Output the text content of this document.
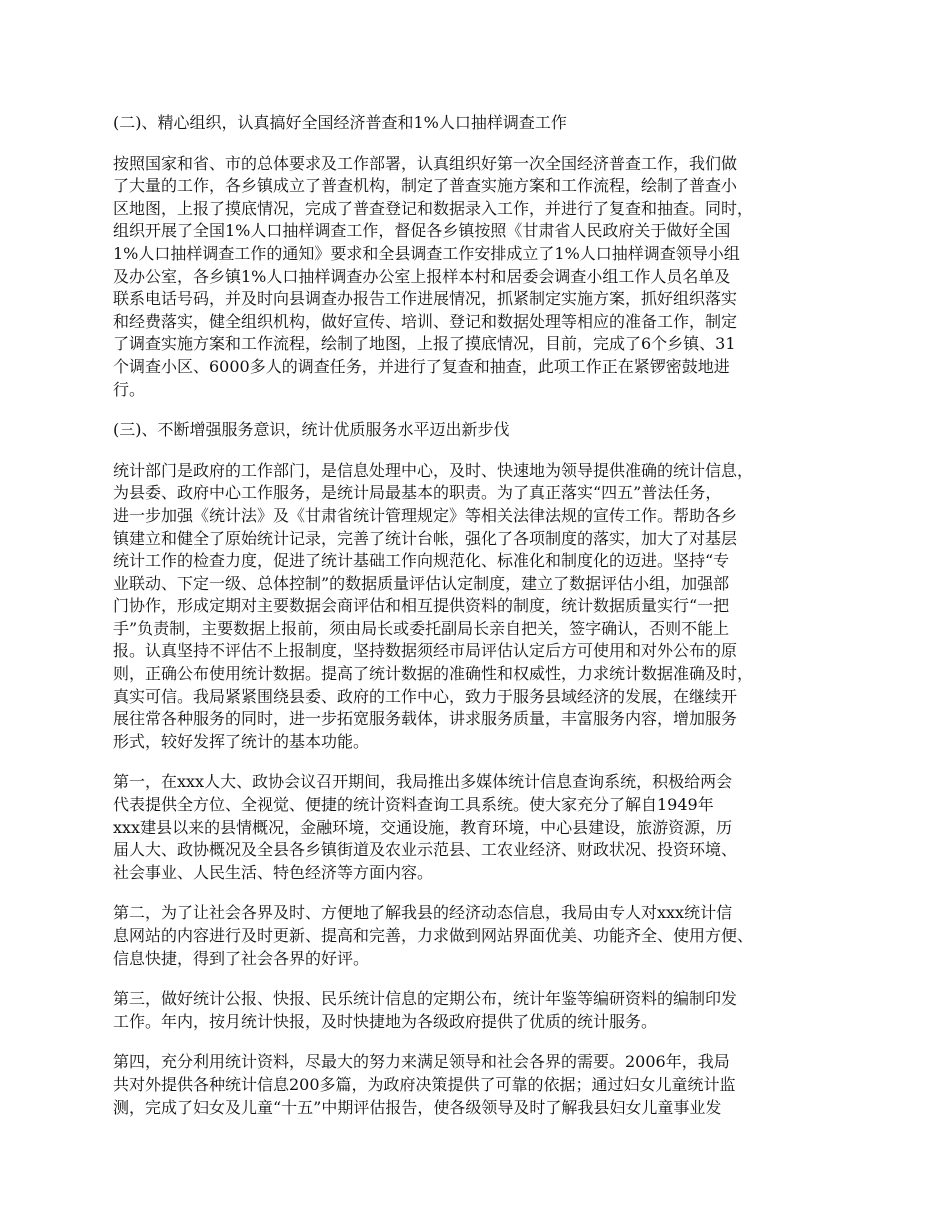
(二)、精心组织，认真搞好全国经济普查和1%人口抽样调查工作
按照国家和省、市的总体要求及工作部署，认真组织好第一次全国经济普查工作，我们做
了大量的工作，各乡镇成立了普查机构，制定了普查实施方案和工作流程，绘制了普查小
区地图，上报了摸底情况，完成了普查登记和数据录入工作，并进行了复查和抽查。同时，
组织开展了全国1%人口抽样调查工作，督促各乡镇按照《甘肃省人民政府关于做好全国
1%人口抽样调查工作的通知》要求和全县调查工作安排成立了1%人口抽样调查领导小组
及办公室，各乡镇1%人口抽样调查办公室上报样本村和居委会调查小组工作人员名单及
联系电话号码，并及时向县调查办报告工作进展情况，抓紧制定实施方案，抓好组织落实
和经费落实，健全组织机构，做好宣传、培训、登记和数据处理等相应的准备工作，制定
了调查实施方案和工作流程，绘制了地图，上报了摸底情况，目前，完成了6个乡镇、31
个调查小区、6000多人的调查任务，并进行了复查和抽查，此项工作正在紧锣密鼓地进
行。
(三)、不断增强服务意识，统计优质服务水平迈出新步伐
统计部门是政府的工作部门，是信息处理中心，及时、快速地为领导提供准确的统计信息，
为县委、政府中心工作服务，是统计局最基本的职责。为了真正落实“四五”普法任务，
进一步加强《统计法》及《甘肃省统计管理规定》等相关法律法规的宣传工作。帮助各乡
镇建立和健全了原始统计记录，完善了统计台帐，强化了各项制度的落实，加大了对基层
统计工作的检查力度，促进了统计基础工作向规范化、标准化和制度化的迈进。坚持“专
业联动、下定一级、总体控制”的数据质量评估认定制度，建立了数据评估小组，加强部
门协作，形成定期对主要数据会商评估和相互提供资料的制度，统计数据质量实行“一把
手”负责制，主要数据上报前，须由局长或委托副局长亲自把关，签字确认，否则不能上
报。认真坚持不评估不上报制度，坚持数据须经市局评估认定后方可使用和对外公布的原
则，正确公布使用统计数据。提高了统计数据的准确性和权威性，力求统计数据准确及时，
真实可信。我局紧紧围绕县委、政府的工作中心，致力于服务县域经济的发展，在继续开
展往常各种服务的同时，进一步拓宽服务载体，讲求服务质量，丰富服务内容，增加服务
形式，较好发挥了统计的基本功能。
第一，在xxx人大、政协会议召开期间，我局推出多媒体统计信息查询系统，积极给两会
代表提供全方位、全视觉、便捷的统计资料查询工具系统。使大家充分了解自1949年
xxx建县以来的县情概况，金融环境，交通设施，教育环境，中心县建设，旅游资源，历
届人大、政协概况及全县各乡镇街道及农业示范县、工农业经济、财政状况、投资环境、
社会事业、人民生活、特色经济等方面内容。
第二，为了让社会各界及时、方便地了解我县的经济动态信息，我局由专人对xxx统计信
息网站的内容进行及时更新、提高和完善，力求做到网站界面优美、功能齐全、使用方便、
信息快捷，得到了社会各界的好评。
第三，做好统计公报、快报、民乐统计信息的定期公布，统计年鉴等编研资料的编制印发
工作。年内，按月统计快报，及时快捷地为各级政府提供了优质的统计服务。
第四，充分利用统计资料，尽最大的努力来满足领导和社会各界的需要。2006年，我局
共对外提供各种统计信息200多篇，为政府决策提供了可靠的依据；通过妇女儿童统计监
测，完成了妇女及儿童“十五”中期评估报告，使各级领导及时了解我县妇女儿童事业发
